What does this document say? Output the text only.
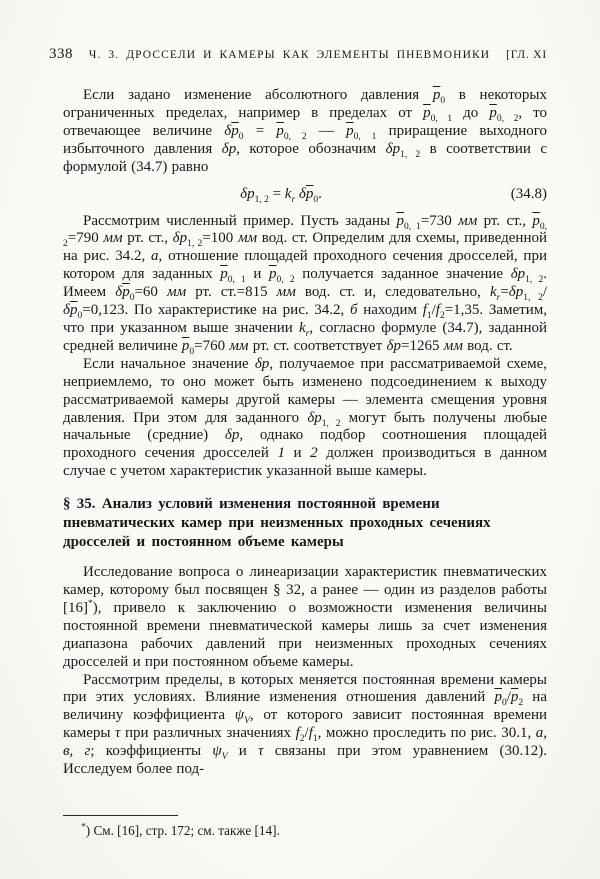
338	Ч. 3. ДРОССЕЛИ И КАМЕРЫ КАК ЭЛЕМЕНТЫ ПНЕВМОНИКИ	[ГЛ. XI

Если задано изменение абсолютного давления $\overline{p}_0$ в некоторых ограниченных пределах, например в пределах от $\overline{p}_{0, 1}$ до $\overline{p}_{0, 2}$, то отвечающее величине $\delta\overline{p}_0 = \overline{p}_{0, 2}$ — $\overline{p}_{0, 1}$ приращение выходного избыточного давления δp, которое обозначим $\delta p_{1, 2}$ в соответствии с формулой (34.7) равно

$\delta p_{1, 2} = k_r$ $\delta\overline{p}_0$.	(34.8)

Рассмотрим численный пример. Пусть заданы $\overline{p}_{0, 1}=730$ мм рт. ст., $\overline{p}_{0, 2}=790$ мм рт. ст., $\delta p_{1, 2}=100$ мм вод. ст. Определим для схемы, приведенной на рис. 34.2, а, отношение площадей проходного сечения дросселей, при котором для заданных $\overline{p}_{0, 1}$ и $\overline{p}_{0, 2}$ получается заданное значение $\delta p_{1, 2}$. Имеем $\delta\overline{p}_0=60$ мм рт. ст.=815 мм вод. ст. и, следовательно, $k_r=\delta p_{1, 2}/\delta\overline{p}_0=0,123$. По характеристике на рис. 34.2, б находим $f_1/f_2=1,35$. Заметим, что при указанном выше значении $k_r$, согласно формуле (34.7), заданной средней величине $\overline{p}_0=760$ мм рт. ст. соответствует δp=1265 мм вод. ст.

Если начальное значение δp, получаемое при рассматриваемой схеме, неприемлемо, то оно может быть изменено подсоединением к выходу рассматриваемой камеры другой камеры — элемента смещения уровня давления. При этом для заданного $\delta p_{1, 2}$ могут быть получены любые начальные (средние) δp, однако подбор соотношения площадей проходного сечения дросселей 1 и 2 должен производиться в данном случае с учетом характеристик указанной выше камеры.

§ 35. Анализ условий изменения постоянной времени
пневматических камер при неизменных проходных сечениях
дросселей и постоянном объеме камеры

Исследование вопроса о линеаризации характеристик пневматических камер, которому был посвящен § 32, а ранее — один из разделов работы [16]*), привело к заключению о возможности изменения величины постоянной времени пневматической камеры лишь за счет изменения диапазона рабочих давлений при неизменных проходных сечениях дросселей и при постоянном объеме камеры.

Рассмотрим пределы, в которых меняется постоянная времени камеры при этих условиях. Влияние изменения отношения давлений $\overline{p}_0/\overline{p}_2$ на величину коэффициента $\psi_V$, от которого зависит постоянная времени камеры τ при различных значениях $f_2/f_1$, можно проследить по рис. 30.1, а, в, г; коэффициенты $\psi_V$ и τ связаны при этом уравнением (30.12). Исследуем более под-

*) См. [16], стр. 172; см. также [14].
